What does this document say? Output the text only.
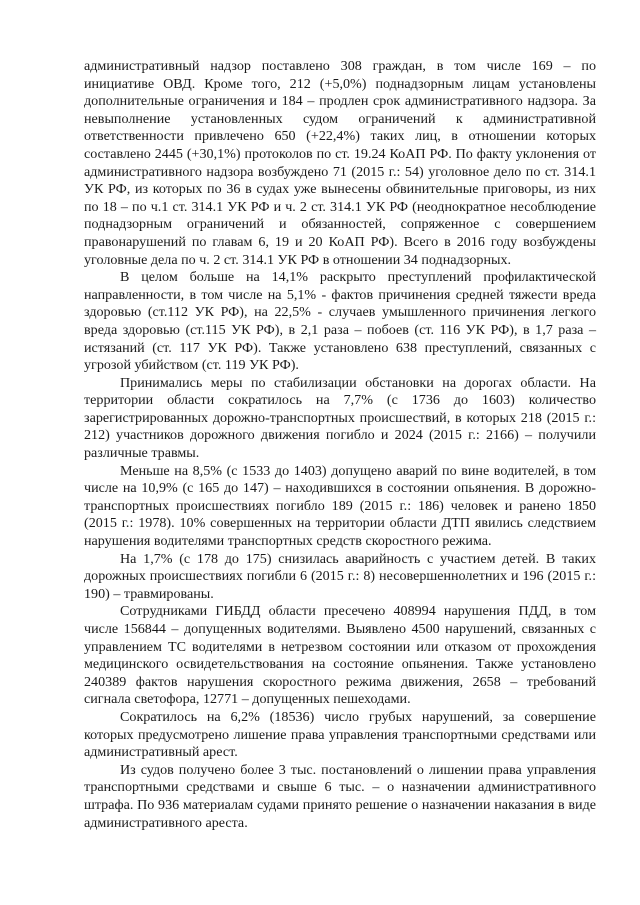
административный надзор поставлено 308 граждан, в том числе 169 – по инициативе ОВД. Кроме того, 212 (+5,0%) поднадзорным лицам установлены дополнительные ограничения и 184 – продлен срок административного надзора. За невыполнение установленных судом ограничений к административной ответственности привлечено 650 (+22,4%) таких лиц, в отношении которых составлено 2445 (+30,1%) протоколов по ст. 19.24 КоАП РФ. По факту уклонения от административного надзора возбуждено 71 (2015 г.: 54) уголовное дело по ст. 314.1 УК РФ, из которых по 36 в судах уже вынесены обвинительные приговоры, из них по 18 – по ч.1 ст. 314.1 УК РФ и ч. 2 ст. 314.1 УК РФ (неоднократное несоблюдение поднадзорным ограничений и обязанностей, сопряженное с совершением правонарушений по главам 6, 19 и 20 КоАП РФ). Всего в 2016 году возбуждены уголовные дела по ч. 2 ст. 314.1 УК РФ в отношении 34 поднадзорных.

В целом больше на 14,1% раскрыто преступлений профилактической направленности, в том числе на 5,1% - фактов причинения средней тяжести вреда здоровью (ст.112 УК РФ), на 22,5% - случаев умышленного причинения легкого вреда здоровью (ст.115 УК РФ), в 2,1 раза – побоев (ст. 116 УК РФ), в 1,7 раза – истязаний (ст. 117 УК РФ). Также установлено 638 преступлений, связанных с угрозой убийством (ст. 119 УК РФ).

Принимались меры по стабилизации обстановки на дорогах области. На территории области сократилось на 7,7% (с 1736 до 1603) количество зарегистрированных дорожно-транспортных происшествий, в которых 218 (2015 г.: 212) участников дорожного движения погибло и 2024 (2015 г.: 2166) – получили различные травмы.

Меньше на 8,5% (с 1533 до 1403) допущено аварий по вине водителей, в том числе на 10,9% (с 165 до 147) – находившихся в состоянии опьянения. В дорожно-транспортных происшествиях погибло 189 (2015 г.: 186) человек и ранено 1850 (2015 г.: 1978). 10% совершенных на территории области ДТП явились следствием нарушения водителями транспортных средств скоростного режима.

На 1,7% (с 178 до 175) снизилась аварийность с участием детей. В таких дорожных происшествиях погибли 6 (2015 г.: 8) несовершеннолетних и 196 (2015 г.: 190) – травмированы.

Сотрудниками ГИБДД области пресечено 408994 нарушения ПДД, в том числе 156844 – допущенных водителями. Выявлено 4500 нарушений, связанных с управлением ТС водителями в нетрезвом состоянии или отказом от прохождения медицинского освидетельствования на состояние опьянения. Также установлено 240389 фактов нарушения скоростного режима движения, 2658 – требований сигнала светофора, 12771 – допущенных пешеходами.

Сократилось на 6,2% (18536) число грубых нарушений, за совершение которых предусмотрено лишение права управления транспортными средствами или административный арест.

Из судов получено более 3 тыс. постановлений о лишении права управления транспортными средствами и свыше 6 тыс. – о назначении административного штрафа. По 936 материалам судами принято решение о назначении наказания в виде административного ареста.
